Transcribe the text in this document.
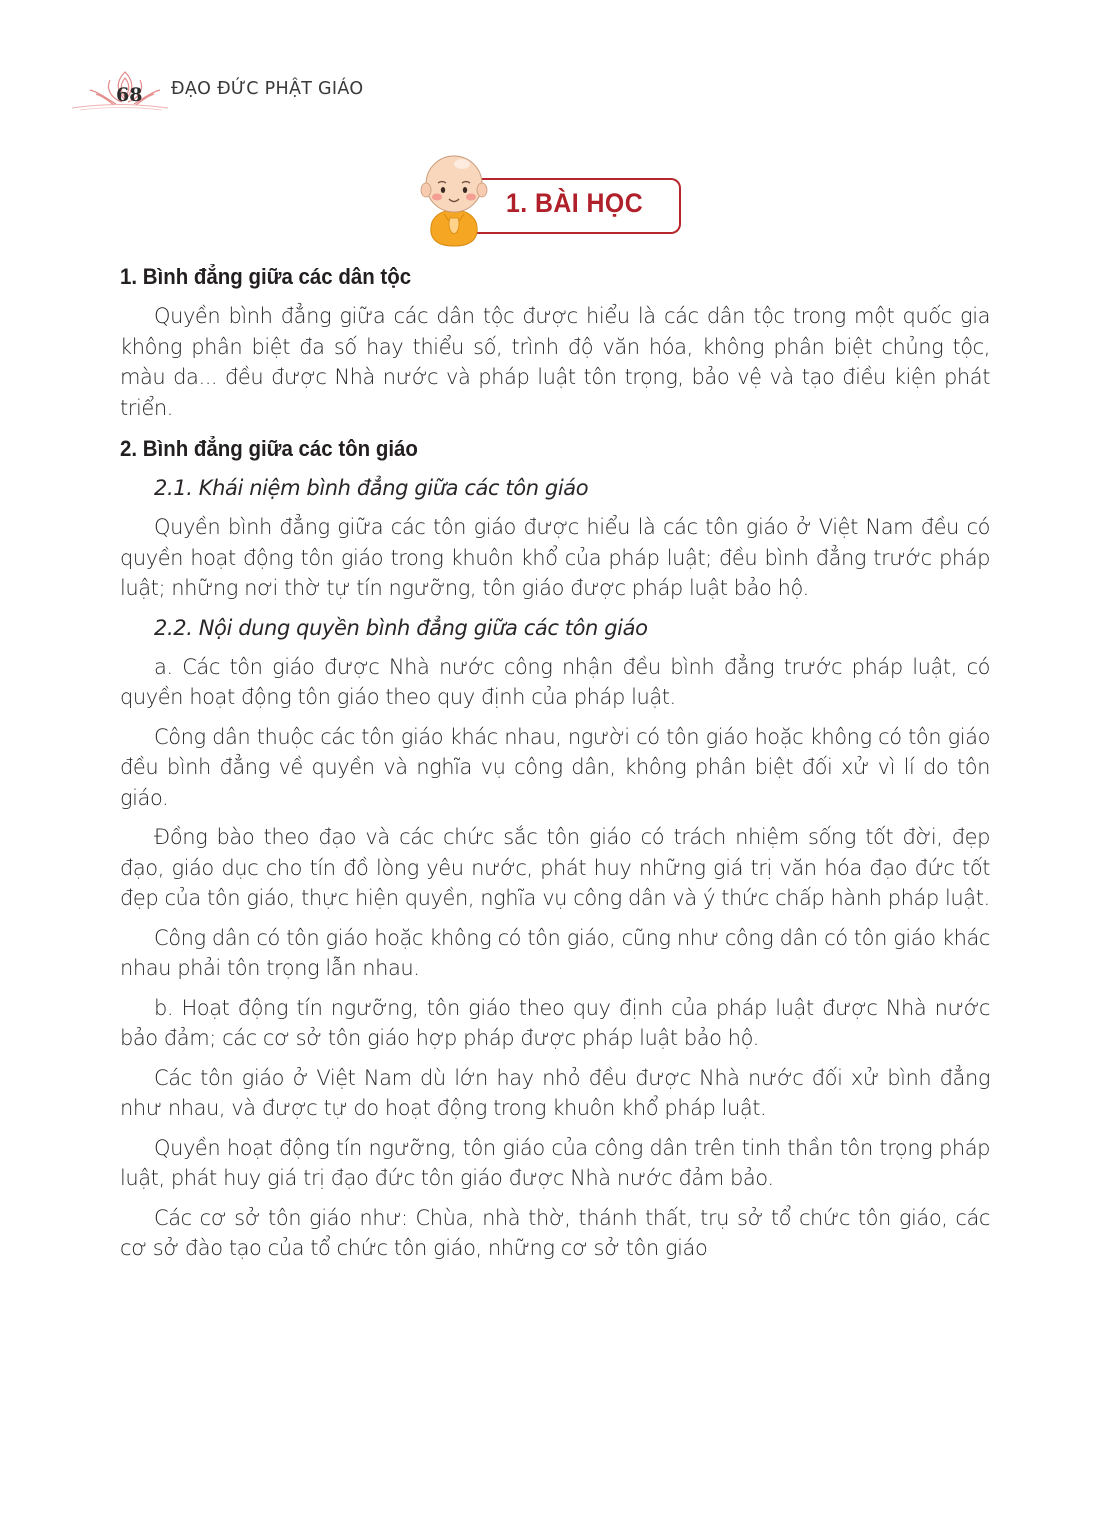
68 ĐẠO ĐỨC PHẬT GIÁO
1. BÀI HỌC
1. Bình đẳng giữa các dân tộc

Quyền bình đẳng giữa các dân tộc được hiểu là các dân tộc trong một quốc gia không phân biệt đa số hay thiểu số, trình độ văn hóa, không phân biệt chủng tộc, màu da... đều được Nhà nước và pháp luật tôn trọng, bảo vệ và tạo điều kiện phát triển.

2. Bình đẳng giữa các tôn giáo

2.1. Khái niệm bình đẳng giữa các tôn giáo

Quyền bình đẳng giữa các tôn giáo được hiểu là các tôn giáo ở Việt Nam đều có quyền hoạt động tôn giáo trong khuôn khổ của pháp luật; đều bình đẳng trước pháp luật; những nơi thờ tự tín ngưỡng, tôn giáo được pháp luật bảo hộ.

2.2. Nội dung quyền bình đẳng giữa các tôn giáo

a. Các tôn giáo được Nhà nước công nhận đều bình đẳng trước pháp luật, có quyền hoạt động tôn giáo theo quy định của pháp luật.

Công dân thuộc các tôn giáo khác nhau, người có tôn giáo hoặc không có tôn giáo đều bình đẳng về quyền và nghĩa vụ công dân, không phân biệt đối xử vì lí do tôn giáo.

Đồng bào theo đạo và các chức sắc tôn giáo có trách nhiệm sống tốt đời, đẹp đạo, giáo dục cho tín đồ lòng yêu nước, phát huy những giá trị văn hóa đạo đức tốt đẹp của tôn giáo, thực hiện quyền, nghĩa vụ công dân và ý thức chấp hành pháp luật.

Công dân có tôn giáo hoặc không có tôn giáo, cũng như công dân có tôn giáo khác nhau phải tôn trọng lẫn nhau.

b. Hoạt động tín ngưỡng, tôn giáo theo quy định của pháp luật được Nhà nước bảo đảm; các cơ sở tôn giáo hợp pháp được pháp luật bảo hộ.

Các tôn giáo ở Việt Nam dù lớn hay nhỏ đều được Nhà nước đối xử bình đẳng như nhau, và được tự do hoạt động trong khuôn khổ pháp luật.

Quyền hoạt động tín ngưỡng, tôn giáo của công dân trên tinh thần tôn trọng pháp luật, phát huy giá trị đạo đức tôn giáo được Nhà nước đảm bảo.

Các cơ sở tôn giáo như: Chùa, nhà thờ, thánh thất, trụ sở tổ chức tôn giáo, các cơ sở đào tạo của tổ chức tôn giáo, những cơ sở tôn giáo
